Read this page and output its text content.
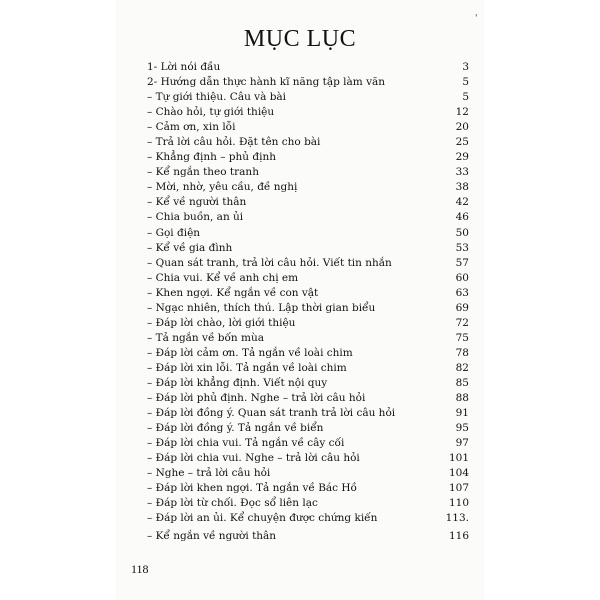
'
MỤC LỤC
1- Lời nói đầu	3
2- Hướng dẫn thực hành kĩ năng tập làm văn	5
– Tự giới thiệu. Câu và bài	5
– Chào hỏi, tự giới thiệu	12
– Cảm ơn, xin lỗi	20
– Trả lời câu hỏi. Đặt tên cho bài	25
– Khẳng định – phủ định	29
– Kể ngắn theo tranh	33
– Mời, nhờ, yêu cầu, đề nghị	38
– Kể về người thân	42
– Chia buồn, an ủi	46
– Gọi điện	50
– Kể về gia đình	53
– Quan sát tranh, trả lời câu hỏi. Viết tin nhắn	57
– Chia vui. Kể về anh chị em	60
– Khen ngợi. Kể ngắn về con vật	63
– Ngạc nhiên, thích thú. Lập thời gian biểu	69
– Đáp lời chào, lời giới thiệu	72
– Tả ngắn về bốn mùa	75
– Đáp lời cảm ơn. Tả ngắn về loài chim	78
– Đáp lời xin lỗi. Tả ngắn về loài chim	82
– Đáp lời khẳng định. Viết nội quy	85
– Đáp lời phủ định. Nghe – trả lời câu hỏi	88
– Đáp lời đồng ý. Quan sát tranh trả lời câu hỏi	91
– Đáp lời đồng ý. Tả ngắn về biển	95
– Đáp lời chia vui. Tả ngắn về cây cối	97
– Đáp lời chia vui. Nghe – trả lời câu hỏi	101
– Nghe – trả lời câu hỏi	104
– Đáp lời khen ngợi. Tả ngắn về Bác Hồ	107
– Đáp lời từ chối. Đọc sổ liên lạc	110
– Đáp lời an ủi. Kể chuyện được chứng kiến	113.
– Kể ngắn về người thân	116
118
